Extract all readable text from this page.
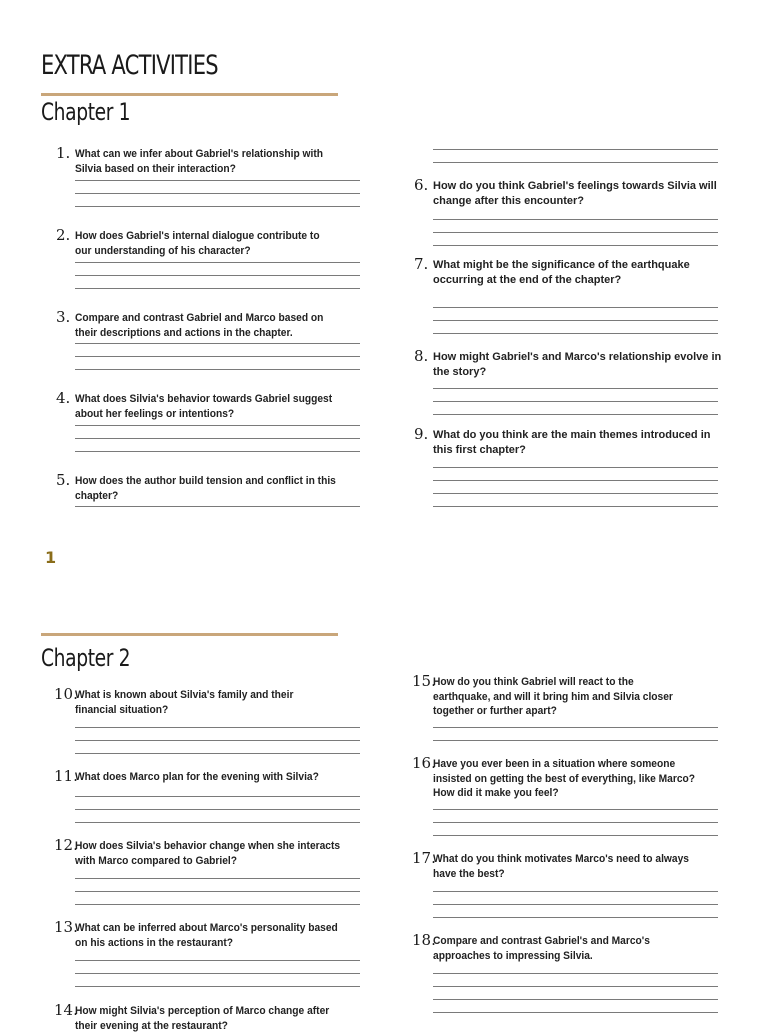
EXTRA ACTIVITIES
Chapter 1
1
Chapter 2
1. What can we infer about Gabriel's relationship with
Silvia based on their interaction?
2. How does Gabriel's internal dialogue contribute to
our understanding of his character?
3. Compare and contrast Gabriel and Marco based on
their descriptions and actions in the chapter.
4. What does Silvia's behavior towards Gabriel suggest
about her feelings or intentions?
5. How does the author build tension and conflict in this
chapter?
6. How do you think Gabriel's feelings towards Silvia will
change after this encounter?
7. What might be the significance of the earthquake
occurring at the end of the chapter?
8. How might Gabriel's and Marco's relationship evolve in
the story?
9. What do you think are the main themes introduced in
this first chapter?
10.
What is known about Silvia's family and their
financial situation?
11.
What does Marco plan for the evening with Silvia?
12.
How does Silvia's behavior change when she interacts
with Marco compared to Gabriel?
13.
What can be inferred about Marco's personality based
on his actions in the restaurant?
14.
How might Silvia's perception of Marco change after
their evening at the restaurant?
15.
How do you think Gabriel will react to the
earthquake, and will it bring him and Silvia closer
together or further apart?
16.
Have you ever been in a situation where someone
insisted on getting the best of everything, like Marco?
How did it make you feel?
17.
What do you think motivates Marco's need to always
have the best?
18.
Compare and contrast Gabriel's and Marco's
approaches to impressing Silvia.
